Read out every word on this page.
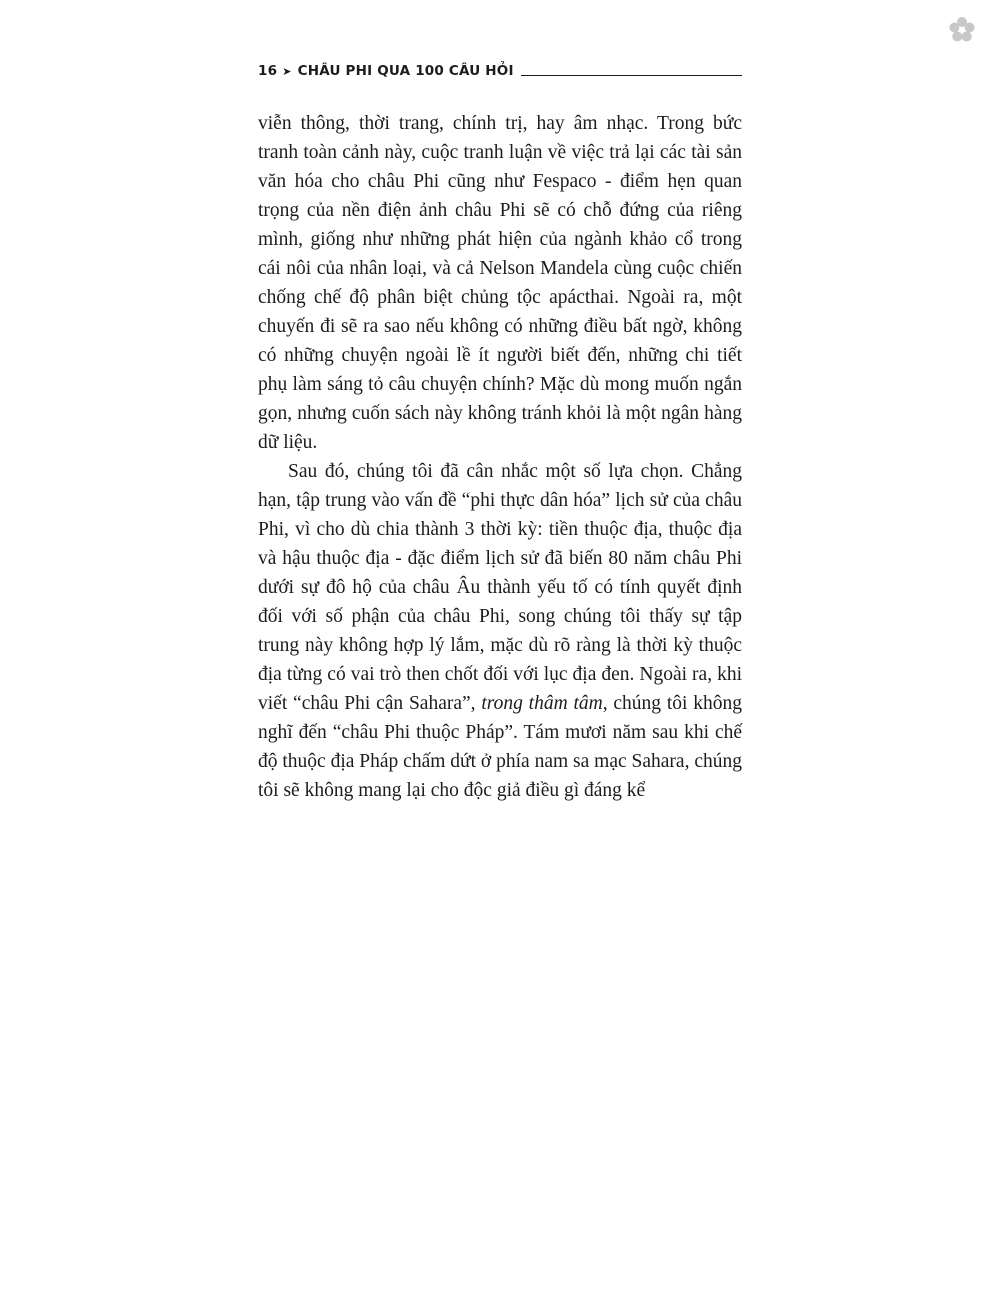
16 ➤ CHÂU PHI QUA 100 CÂU HỎI

viễn thông, thời trang, chính trị, hay âm nhạc. Trong bức tranh toàn cảnh này, cuộc tranh luận về việc trả lại các tài sản văn hóa cho châu Phi cũng như Fespaco - điểm hẹn quan trọng của nền điện ảnh châu Phi sẽ có chỗ đứng của riêng mình, giống như những phát hiện của ngành khảo cổ trong cái nôi của nhân loại, và cả Nelson Mandela cùng cuộc chiến chống chế độ phân biệt chủng tộc apácthai. Ngoài ra, một chuyến đi sẽ ra sao nếu không có những điều bất ngờ, không có những chuyện ngoài lề ít người biết đến, những chi tiết phụ làm sáng tỏ câu chuyện chính? Mặc dù mong muốn ngắn gọn, nhưng cuốn sách này không tránh khỏi là một ngân hàng dữ liệu.

Sau đó, chúng tôi đã cân nhắc một số lựa chọn. Chẳng hạn, tập trung vào vấn đề “phi thực dân hóa” lịch sử của châu Phi, vì cho dù chia thành 3 thời kỳ: tiền thuộc địa, thuộc địa và hậu thuộc địa - đặc điểm lịch sử đã biến 80 năm châu Phi dưới sự đô hộ của châu Âu thành yếu tố có tính quyết định đối với số phận của châu Phi, song chúng tôi thấy sự tập trung này không hợp lý lắm, mặc dù rõ ràng là thời kỳ thuộc địa từng có vai trò then chốt đối với lục địa đen. Ngoài ra, khi viết “châu Phi cận Sahara”, trong thâm tâm, chúng tôi không nghĩ đến “châu Phi thuộc Pháp”. Tám mươi năm sau khi chế độ thuộc địa Pháp chấm dứt ở phía nam sa mạc Sahara, chúng tôi sẽ không mang lại cho độc giả điều gì đáng kể
